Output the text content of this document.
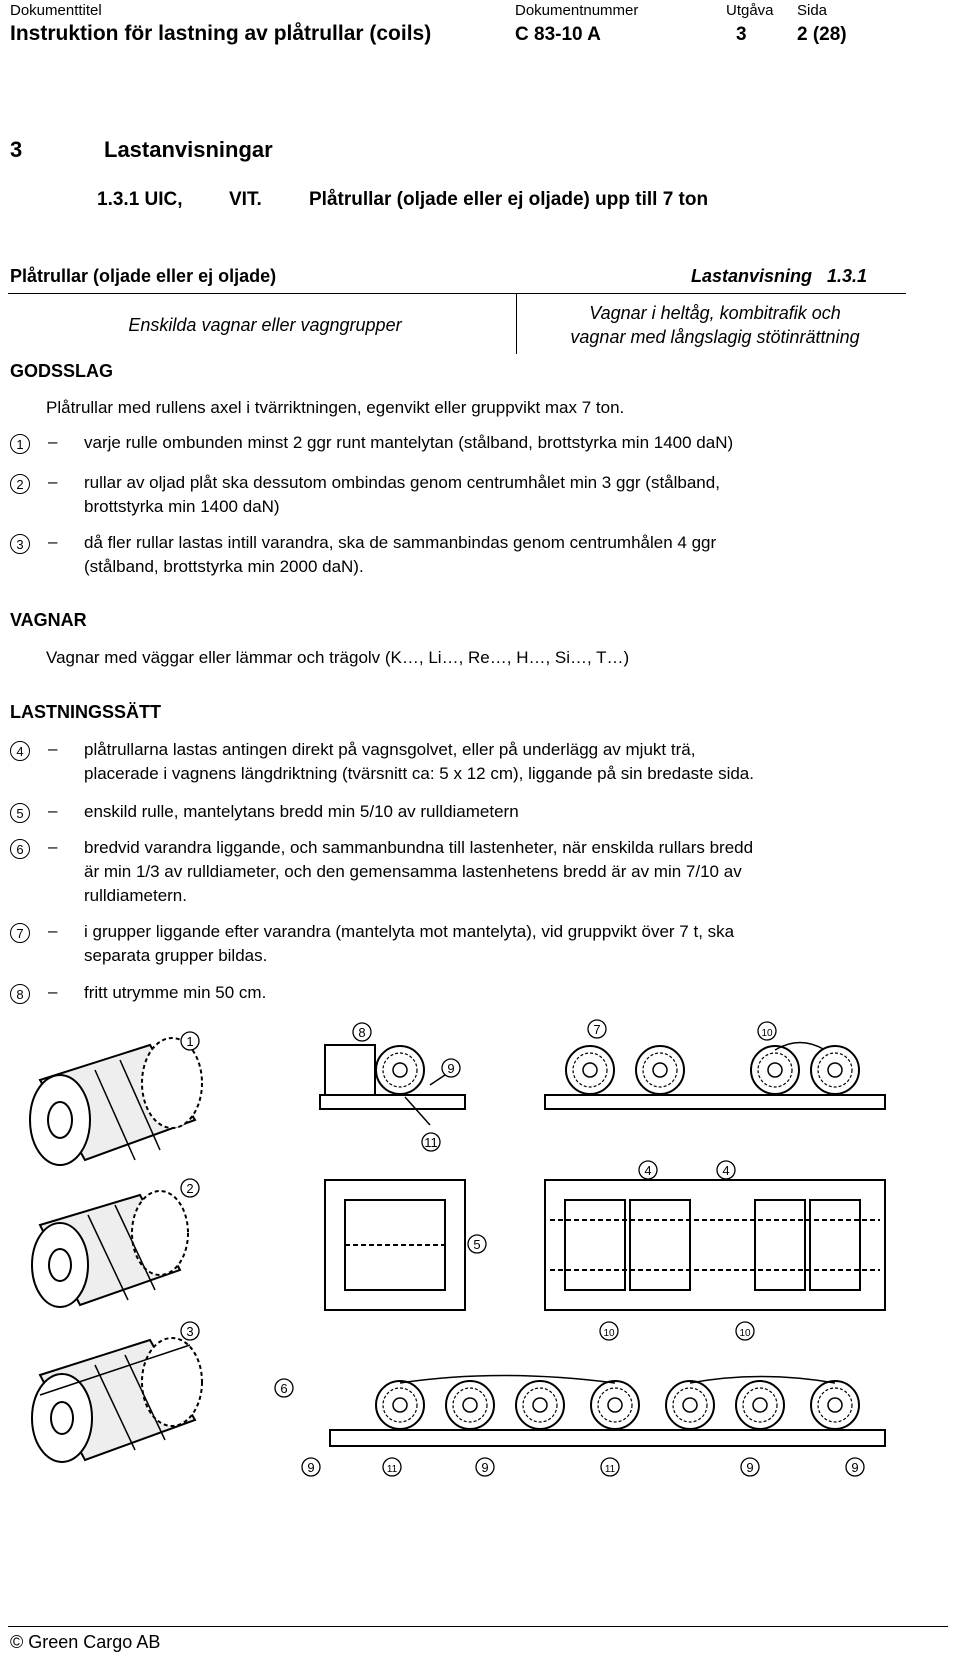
Dokumenttitel	Dokumentnummer	Utgåva Sida
Instruktion för lastning av plåtrullar (coils)	C 83-10 A	3	2 (28)
3	Lastanvisningar
1.3.1 UIC, VIT. Plåtrullar (oljade eller ej oljade) upp till 7 ton
Plåtrullar (oljade eller ej oljade)	Lastanvisning   1.3.1
Enskilda vagnar eller vagngrupper
Vagnar i heltåg, kombitrafik och
vagnar med långslagig stötinrättning
GODSSLAG
Plåtrullar med rullens axel i tvärriktningen, egenvikt eller gruppvikt max 7 ton.
1	– varje rulle ombunden minst 2 ggr runt mantelytan (stålband, brottstyrka min 1400 daN)
2	– rullar av oljad plåt ska dessutom ombindas genom centrumhålet min 3 ggr (stålband,
brottstyrka min 1400 daN)
3	– då fler rullar lastas intill varandra, ska de sammanbindas genom centrumhålen 4 ggr
(stålband, brottstyrka min 2000 daN).
VAGNAR
Vagnar med väggar eller lämmar och trägolv (K…, Li…, Re…, H…, Si…, T…)
LASTNINGSSÄTT
4	– plåtrullarna lastas antingen direkt på vagnsgolvet, eller på underlägg av mjukt trä,
placerade i vagnens längdriktning (tvärsnitt ca: 5 x 12 cm), liggande på sin bredaste sida.
5	– enskild rulle, mantelytans bredd min 5/10 av rulldiametern
6	– bredvid varandra liggande, och sammanbundna till lastenheter, när enskilda rullars bredd
är min 1/3 av rulldiameter, och den gemensamma lastenhetens bredd är av min 7/10 av
rulldiametern.
7	– i grupper liggande efter varandra (mantelyta mot mantelyta), vid gruppvikt över 7 t, ska
separata grupper bildas.
8	– fritt utrymme min 50 cm.
1
8
9
11
7	10
4	4
5
2
3	10	10
6
9	11	9	11	9	9
© Green Cargo AB
